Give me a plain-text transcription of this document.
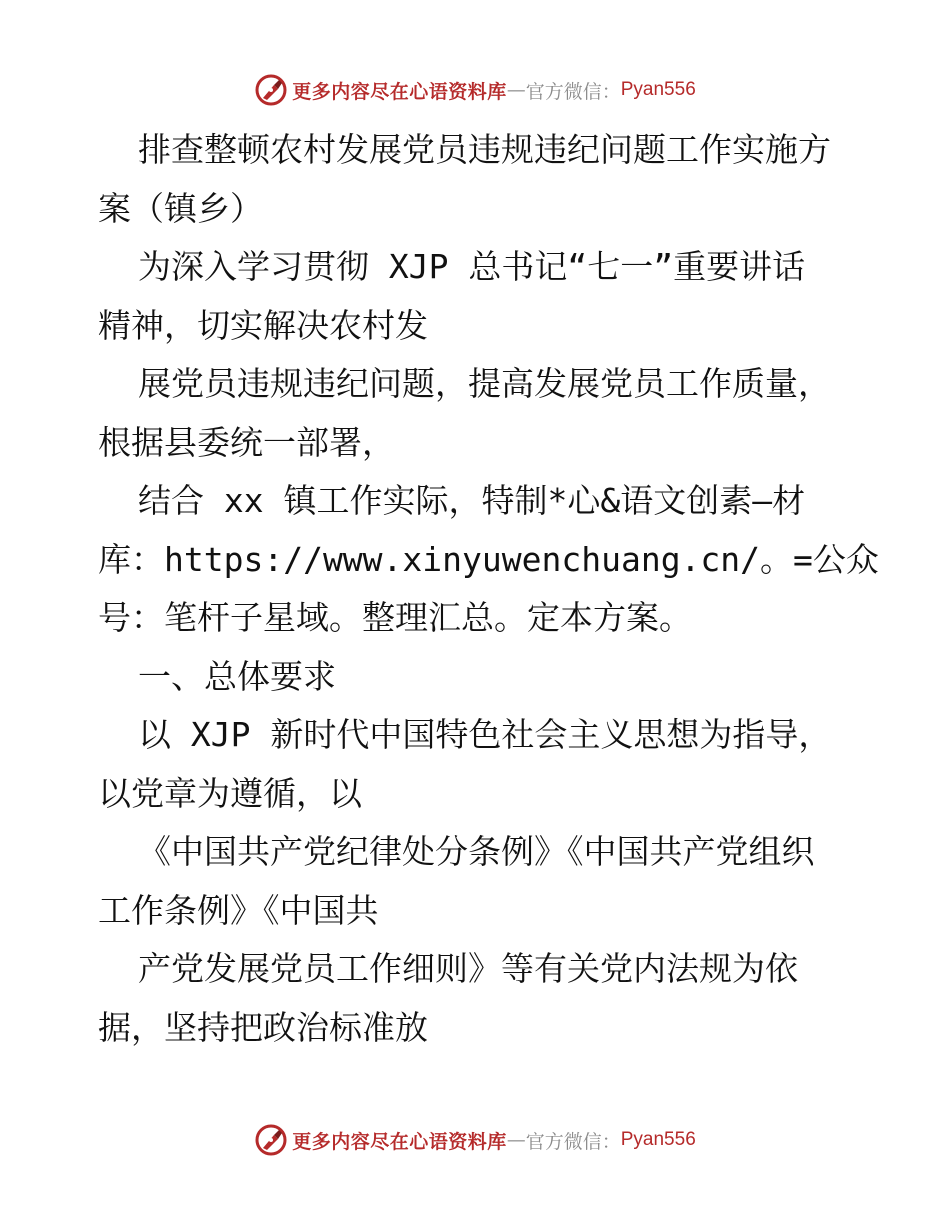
更多内容尽在心语资料库 — 官方微信： Pyan556
排查整顿农村发展党员违规违纪问题工作实施方
案（镇乡）
为深入学习贯彻 XJP 总书记“七一”重要讲话
精神，切实解决农村发
展党员违规违纪问题，提高发展党员工作质量，
根据县委统一部署，
结合 xx 镇工作实际，特制*心&语文创素—材
库：https://www.xinyuwenchuang.cn/。=公众
号：笔杆子星域。整理汇总。定本方案。
一、总体要求
以 XJP 新时代中国特色社会主义思想为指导，
以党章为遵循，以
《中国共产党纪律处分条例》《中国共产党组织
工作条例》《中国共
产党发展党员工作细则》等有关党内法规为依
据，坚持把政治标准放
更多内容尽在心语资料库 — 官方微信： Pyan556
